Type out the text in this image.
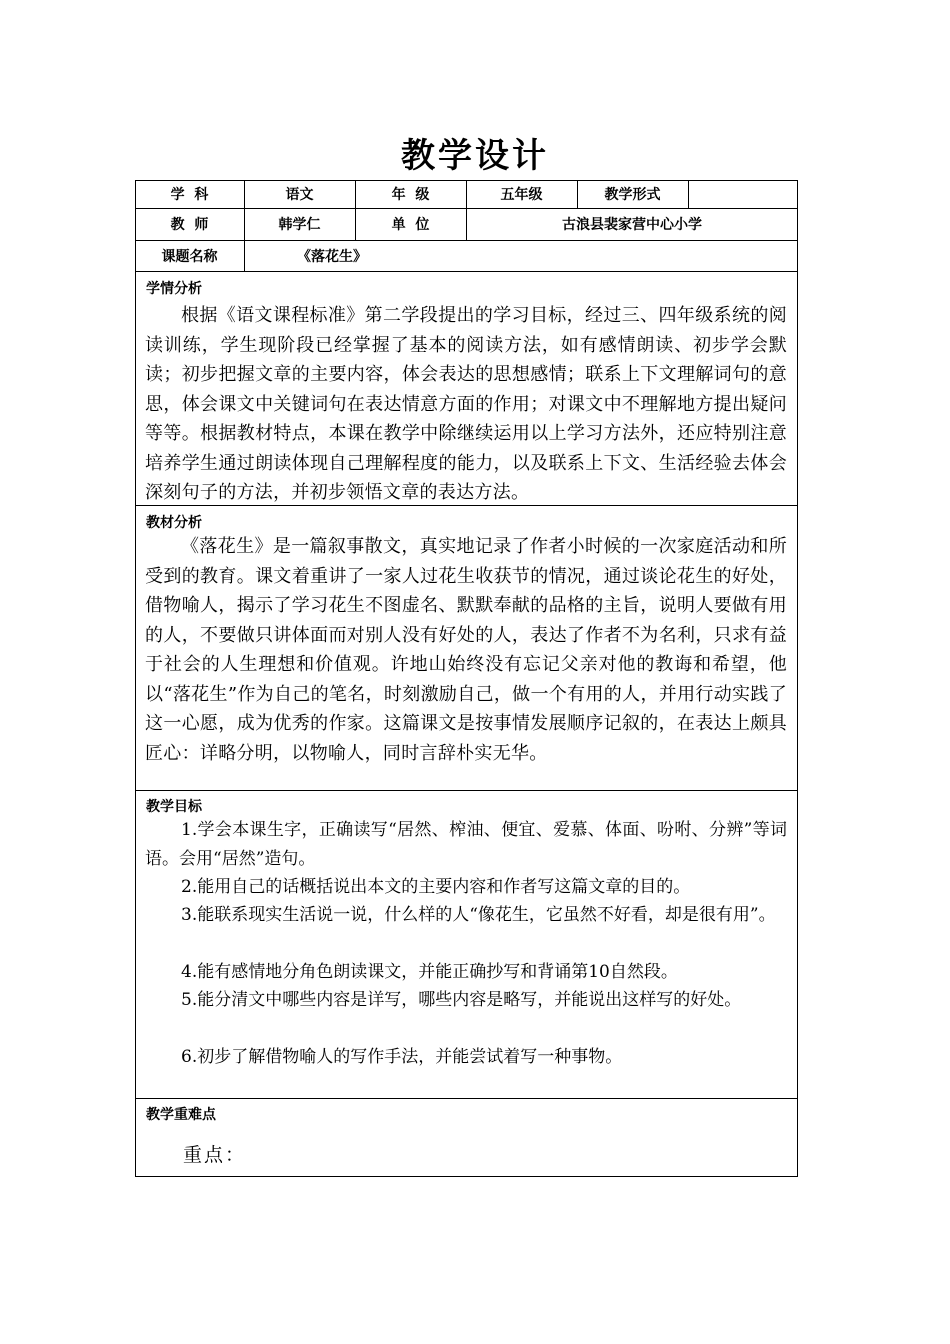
教学设计
学  科	语文	年  级	五年级	教学形式
教  师	韩学仁	单  位	古浪县裴家营中心小学
课题名称	《落花生》
学情分析

根据《语文课程标准》第二学段提出的学习目标，经过三、四年级系统的阅读训练，学生现阶段已经掌握了基本的阅读方法，如有感情朗读、初步学会默读；初步把握文章的主要内容，体会表达的思想感情；联系上下文理解词句的意思，体会课文中关键词句在表达情意方面的作用；对课文中不理解地方提出疑问等等。根据教材特点，本课在教学中除继续运用以上学习方法外，还应特别注意培养学生通过朗读体现自己理解程度的能力，以及联系上下文、生活经验去体会深刻句子的方法，并初步领悟文章的表达方法。

教材分析

《落花生》是一篇叙事散文，真实地记录了作者小时候的一次家庭活动和所受到的教育。课文着重讲了一家人过花生收获节的情况，通过谈论花生的好处，借物喻人，揭示了学习花生不图虚名、默默奉献的品格的主旨，说明人要做有用的人，不要做只讲体面而对别人没有好处的人，表达了作者不为名利，只求有益于社会的人生理想和价值观。许地山始终没有忘记父亲对他的教诲和希望，他以“落花生”作为自己的笔名，时刻激励自己，做一个有用的人，并用行动实践了这一心愿，成为优秀的作家。这篇课文是按事情发展顺序记叙的，在表达上颇具匠心：详略分明，以物喻人，同时言辞朴实无华。

教学目标

1.学会本课生字，正确读写“居然、榨油、便宜、爱慕、体面、吩咐、分辨”等词语。会用“居然”造句。

2.能用自己的话概括说出本文的主要内容和作者写这篇文章的目的。

3.能联系现实生活说一说，什么样的人“像花生，它虽然不好看，却是很有用”。

4.能有感情地分角色朗读课文，并能正确抄写和背诵第10自然段。

5.能分清文中哪些内容是详写，哪些内容是略写，并能说出这样写的好处。

6.初步了解借物喻人的写作手法，并能尝试着写一种事物。

教学重难点
重点：
